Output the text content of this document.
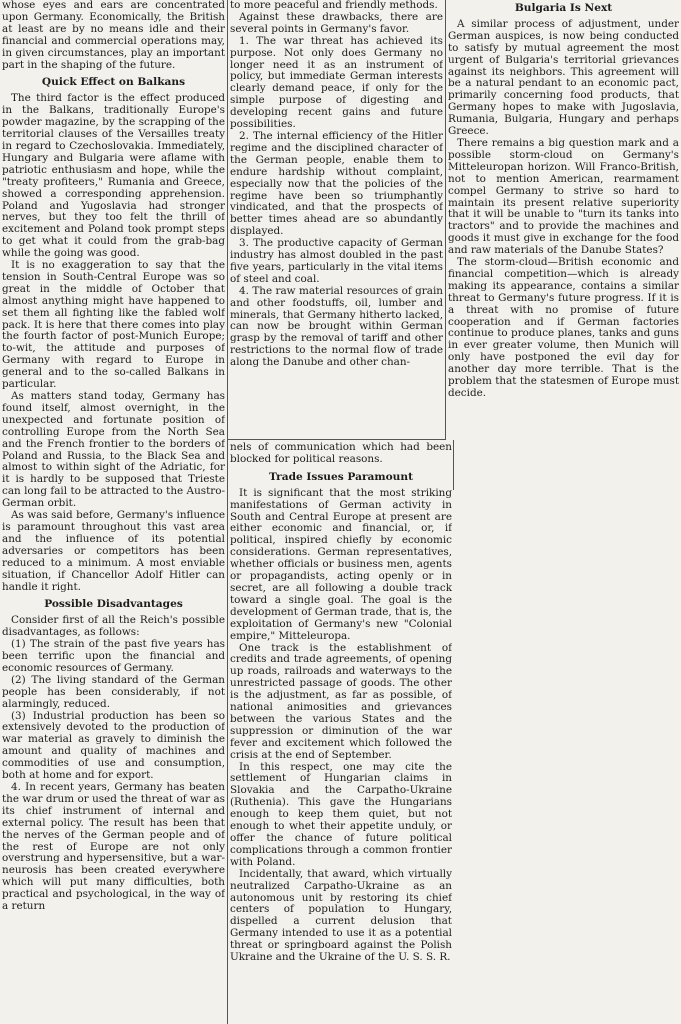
whose eyes and ears are concentrated upon Germany. Economically, the British at least are by no means idle and their financial and commercial operations may, in given circumstances, play an important part in the shaping of the future.

Quick Effect on Balkans

The third factor is the effect produced in the Balkans, traditionally Europe's powder magazine, by the scrapping of the territorial clauses of the Versailles treaty in regard to Czechoslovakia. Immediately, Hungary and Bulgaria were aflame with patriotic enthusiasm and hope, while the "treaty profiteers," Rumania and Greece, showed a corresponding apprehension. Poland and Yugoslavia had stronger nerves, but they too felt the thrill of excitement and Poland took prompt steps to get what it could from the grab-bag while the going was good.

It is no exaggeration to say that the tension in South-Central Europe was so great in the middle of October that almost anything might have happened to set them all fighting like the fabled wolf pack. It is here that there comes into play the fourth factor of post-Munich Europe; to-wit, the attitude and purposes of Germany with regard to Europe in general and to the so-called Balkans in particular.

As matters stand today, Germany has found itself, almost overnight, in the unexpected and fortunate position of controlling Europe from the North Sea and the French frontier to the borders of Poland and Russia, to the Black Sea and almost to within sight of the Adriatic, for it is hardly to be supposed that Trieste can long fail to be attracted to the Austro-German orbit.

As was said before, Germany's influence is paramount throughout this vast area and the influence of its potential adversaries or competitors has been reduced to a minimum. A most enviable situation, if Chancellor Adolf Hitler can handle it right.

Possible Disadvantages

Consider first of all the Reich's possible disadvantages, as follows:

(1) The strain of the past five years has been terrific upon the financial and economic resources of Germany.

(2) The living standard of the German people has been considerably, if not alarmingly, reduced.

(3) Industrial production has been so extensively devoted to the production of war material as gravely to diminish the amount and quality of machines and commodities of use and consumption, both at home and for export.

4. In recent years, Germany has beaten the war drum or used the threat of war as its chief instrument of internal and external policy. The result has been that the nerves of the German people and of the rest of Europe are not only overstrung and hypersensitive, but a war-neurosis has been created everywhere which will put many difficulties, both practical and psychological, in the way of a return

to more peaceful and friendly methods.

Against these drawbacks, there are several points in Germany's favor.

1. The war threat has achieved its purpose. Not only does Germany no longer need it as an instrument of policy, but immediate German interests clearly demand peace, if only for the simple purpose of digesting and developing recent gains and future possibilities.

2. The internal efficiency of the Hitler regime and the disciplined character of the German people, enable them to endure hardship without complaint, especially now that the policies of the regime have been so triumphantly vindicated, and that the prospects of better times ahead are so abundantly displayed.

3. The productive capacity of German industry has almost doubled in the past five years, particularly in the vital items of steel and coal.

4. The raw material resources of grain and other foodstuffs, oil, lumber and minerals, that Germany hitherto lacked, can now be brought within German grasp by the removal of tariff and other restrictions to the normal flow of trade along the Danube and other chan-

Bulgaria Is Next

A similar process of adjustment, under German auspices, is now being conducted to satisfy by mutual agreement the most urgent of Bulgaria's territorial grievances against its neighbors. This agreement will be a natural pendant to an economic pact, primarily concerning food products, that Germany hopes to make with Jugoslavia, Rumania, Bulgaria, Hungary and perhaps Greece.

There remains a big question mark and a possible storm-cloud on Germany's Mitteleuropan horizon. Will Franco-British, not to mention American, rearmament compel Germany to strive so hard to maintain its present relative superiority that it will be unable to "turn its tanks into tractors" and to provide the machines and goods it must give in exchange for the food and raw materials of the Danube States?

The storm-cloud—British economic and financial competition—which is already making its appearance, contains a similar threat to Germany's future progress. If it is a threat with no promise of future cooperation and if German factories continue to produce planes, tanks and guns in ever greater volume, then Munich will only have postponed the evil day for another day more terrible. That is the problem that the statesmen of Europe must decide.

nels of communication which had been blocked for political reasons.

Trade Issues Paramount

It is significant that the most striking manifestations of German activity in South and Central Europe at present are either economic and financial, or, if political, inspired chiefly by economic considerations. German representatives, whether officials or business men, agents or propagandists, acting openly or in secret, are all following a double track toward a single goal. The goal is the development of German trade, that is, the exploitation of Germany's new "Colonial empire," Mitteleuropa.

One track is the establishment of credits and trade agreements, of opening up roads, railroads and waterways to the unrestricted passage of goods. The other is the adjustment, as far as possible, of national animosities and grievances between the various States and the suppression or diminution of the war fever and excitement which followed the crisis at the end of September.

In this respect, one may cite the settlement of Hungarian claims in Slovakia and the Carpatho-Ukraine (Ruthenia). This gave the Hungarians enough to keep them quiet, but not enough to whet their appetite unduly, or offer the chance of future political complications through a common frontier with Poland.

Incidentally, that award, which virtually neutralized Carpatho-Ukraine as an autonomous unit by restoring its chief centers of population to Hungary, dispelled a current delusion that Germany intended to use it as a potential threat or springboard against the Polish Ukraine and the Ukraine of the U. S. S. R.
